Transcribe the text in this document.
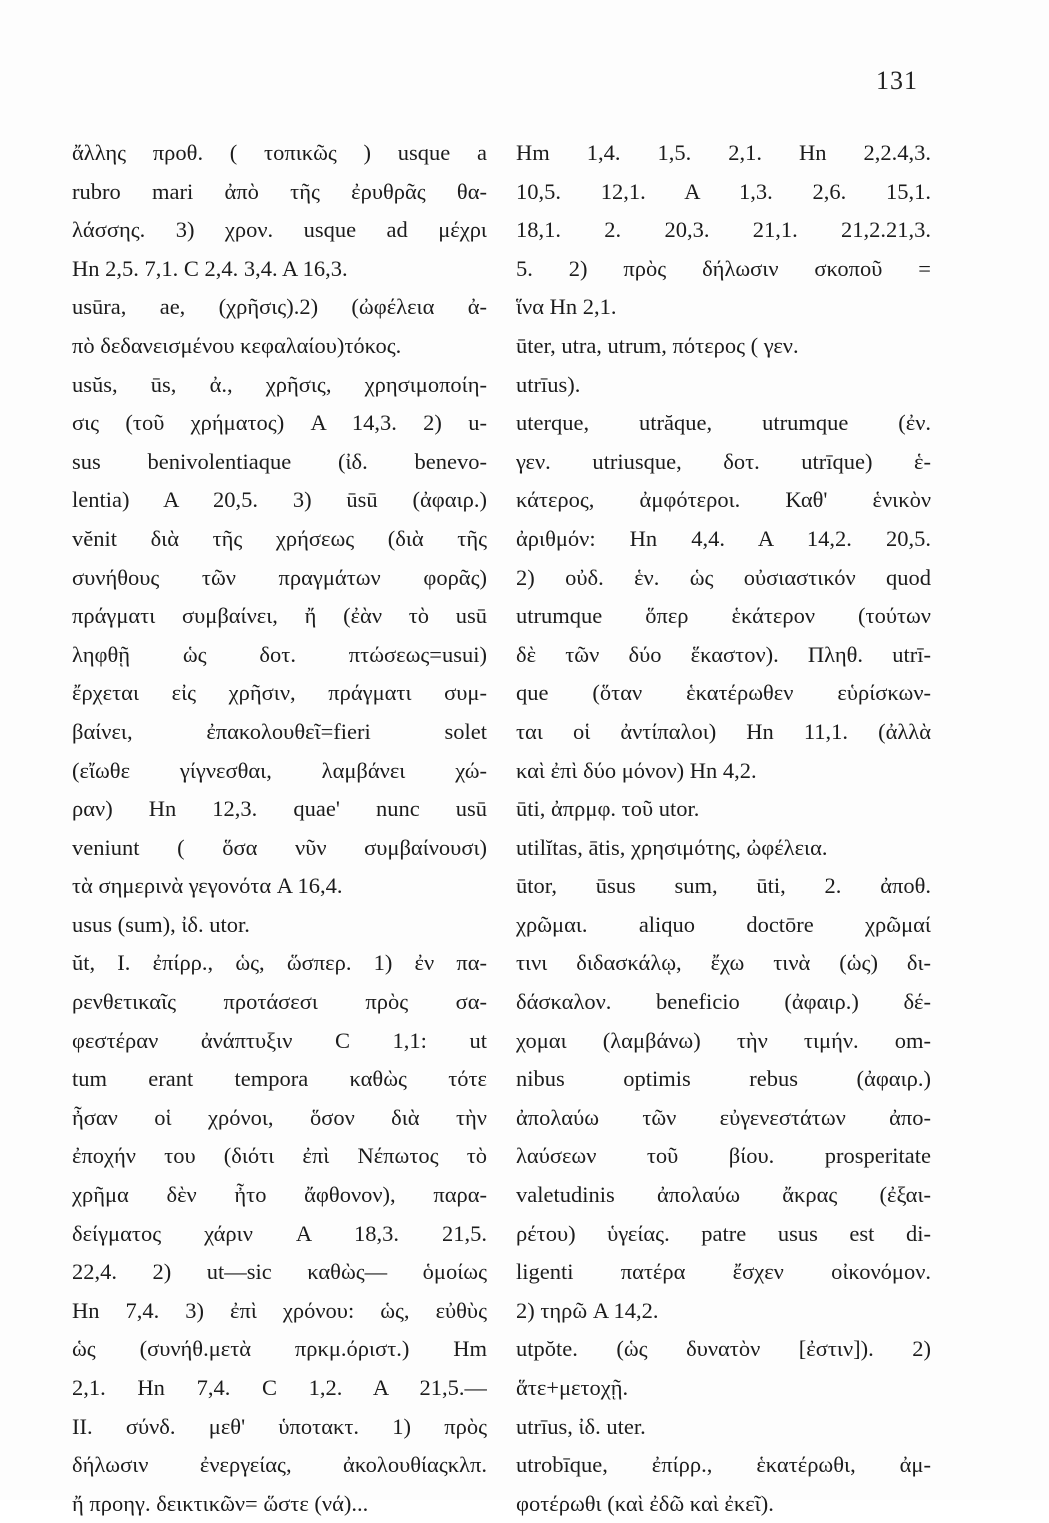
131
ἄλλης προθ. ( τοπικῶς ) usque a
rubro mari ἀπὸ τῆς ἐρυθρᾶς θα-
λάσσης. 3) χρον. usque ad μέχρι
Hn 2,5. 7,1. C 2,4. 3,4. A 16,3.
usūra, ae, (χρῆσις).2) (ὠφέλεια ἀ-
πὸ δεδανεισμένου κεφαλαίου)τόκος.
usŭs, ūs, ἀ., χρῆσις, χρησιμοποίη-
σις (τοῦ χρήματος) A 14,3. 2) u-
sus benivolentiaque (ἰδ. benevo-
lentia) A 20,5. 3) ūsū (ἀφαιρ.)
vĕnit διὰ τῆς χρήσεως (διὰ τῆς
συνήθους τῶν πραγμάτων φορᾶς)
πράγματι συμβαίνει, ἤ (ἐὰν τὸ usū
ληφθῇ ὡς δοτ. πτώσεως=usui)
ἔρχεται εἰς χρῆσιν, πράγματι συμ-
βαίνει, ἐπακολουθεῖ=fieri solet
(εἴωθε γίγνεσθαι, λαμβάνει χώ-
ραν) Hn 12,3. quae' nunc usū
veniunt ( ὅσα νῦν συμβαίνουσι)
τὰ σημερινὰ γεγονότα A 16,4.
usus (sum), ἰδ. utor.
ŭt, I. ἐπίρρ., ὡς, ὥσπερ. 1) ἐν πα-
ρενθετικαῖς προτάσεσι πρὸς σα-
φεστέραν ἀνάπτυξιν C 1,1: ut
tum erant tempora καθὼς τότε
ἦσαν οἱ χρόνοι, ὅσον διὰ τὴν
ἐποχήν του (διότι ἐπὶ Νέπωτος τὸ
χρῆμα δὲν ἦτο ἄφθονον), παρα-
δείγματος χάριν A 18,3. 21,5.
22,4. 2) ut—sic καθὼς— ὁμοίως
Hn 7,4. 3) ἐπὶ χρόνου: ὡς, εὐθὺς
ὡς (συνήθ.μετὰ πρκμ.όριστ.) Hm
2,1. Hn 7,4. C 1,2. A 21,5.—
II. σύνδ. μεθ' ὑποτακτ. 1) πρὸς
δήλωσιν ἐνεργείας, ἀκολουθίαςκλπ.
ἤ προηγ. δεικτικῶν= ὥστε (νά)...
Hm 1,4. 1,5. 2,1. Hn 2,2.4,3.
10,5. 12,1. A 1,3. 2,6. 15,1.
18,1. 2. 20,3. 21,1. 21,2.21,3.
5. 2) πρὸς δήλωσιν σκοποῦ =
ἵνα Hn 2,1.
ūter, utra, utrum, πότερος ( γεν.
utrīus).
uterque, utrăque, utrumque (ἐν.
γεν. utriusque, δοτ. utrīque) ἑ-
κάτερος, ἀμφότεροι. Καθ' ἑνικὸν
ἀριθμόν: Hn 4,4. A 14,2. 20,5.
2) οὐδ. ἑν. ὡς οὐσιαστικόν quod
utrumque ὅπερ ἑκάτερον (τούτων
δὲ τῶν δύο ἕκαστον). Πληθ. utrī-
que (ὅταν ἑκατέρωθεν εὑρίσκων-
ται οἱ ἀντίπαλοι) Hn 11,1. (ἀλλὰ
καὶ ἐπὶ δύο μόνον) Hn 4,2.
ūti, ἀπρμφ. τοῦ utor.
utilĭtas, ātis, χρησιμότης, ὠφέλεια.
ūtor, ūsus sum, ūti, 2. ἀποθ.
χρῶμαι. aliquo doctōre χρῶμαί
τινι διδασκάλῳ, ἔχω τινὰ (ὡς) δι-
δάσκαλον. beneficio (ἀφαιρ.) δέ-
χομαι (λαμβάνω) τὴν τιμήν. om-
nibus optimis rebus (ἀφαιρ.)
ἀπολαύω τῶν εὐγενεστάτων ἀπο-
λαύσεων τοῦ βίου. prosperitate
valetudinis ἀπολαύω ἄκρας (ἐξαι-
ρέτου) ὑγείας. patre usus est di-
ligenti πατέρα ἔσχεν οἰκονόμον.
2) τηρῶ A 14,2.
utpŏte. (ὡς δυνατὸν [ἐστιν]). 2)
ἅτε+μετοχῇ.
utrīus, ἰδ. uter.
utrobīque, ἐπίρρ., ἑκατέρωθι, ἀμ-
φοτέρωθι (καὶ ἐδῶ καὶ ἐκεῖ).
